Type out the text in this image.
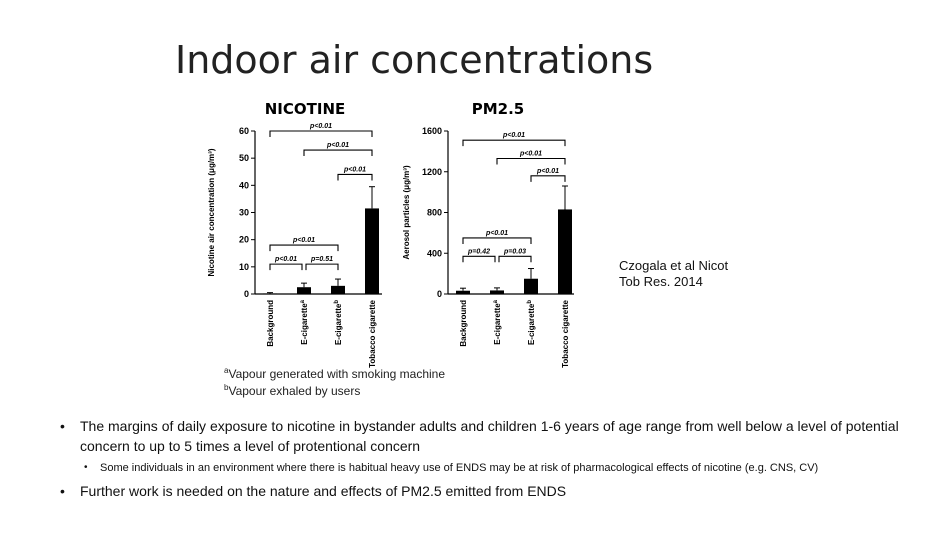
Indoor air concentrations
NICOTINE
0
10
20
30
40
50
60
Nicotine air concentration (μg/m³)
Background	E-cigarette$^a$
E-cigarette$^b$	Tobacco cigarette
p<0.01
p<0.01
p<0.01
p<0.01
p<0.01 p=0.51
PM2.5
0
400
800
1200
1600
Aerosol particles (μg/m³)
Background	E-cigarette$^a$
E-cigarette$^b$	Tobacco cigarette
p<0.01
p<0.01
p<0.01
p<0.01
p=0.42 p=0.03
$^a$Vapour generated with smoking machine
$^b$Vapour exhaled by users
Czogala et al Nicot
Tob Res. 2014
• The margins of daily exposure to nicotine in bystander adults and children 1-6 years of age range from well below a level of potential concern to up to 5 times a level of protentional concern
• Some individuals in an environment where there is habitual heavy use of ENDS may be at risk of pharmacological effects of nicotine (e.g. CNS, CV)
• Further work is needed on the nature and effects of PM2.5 emitted from ENDS
